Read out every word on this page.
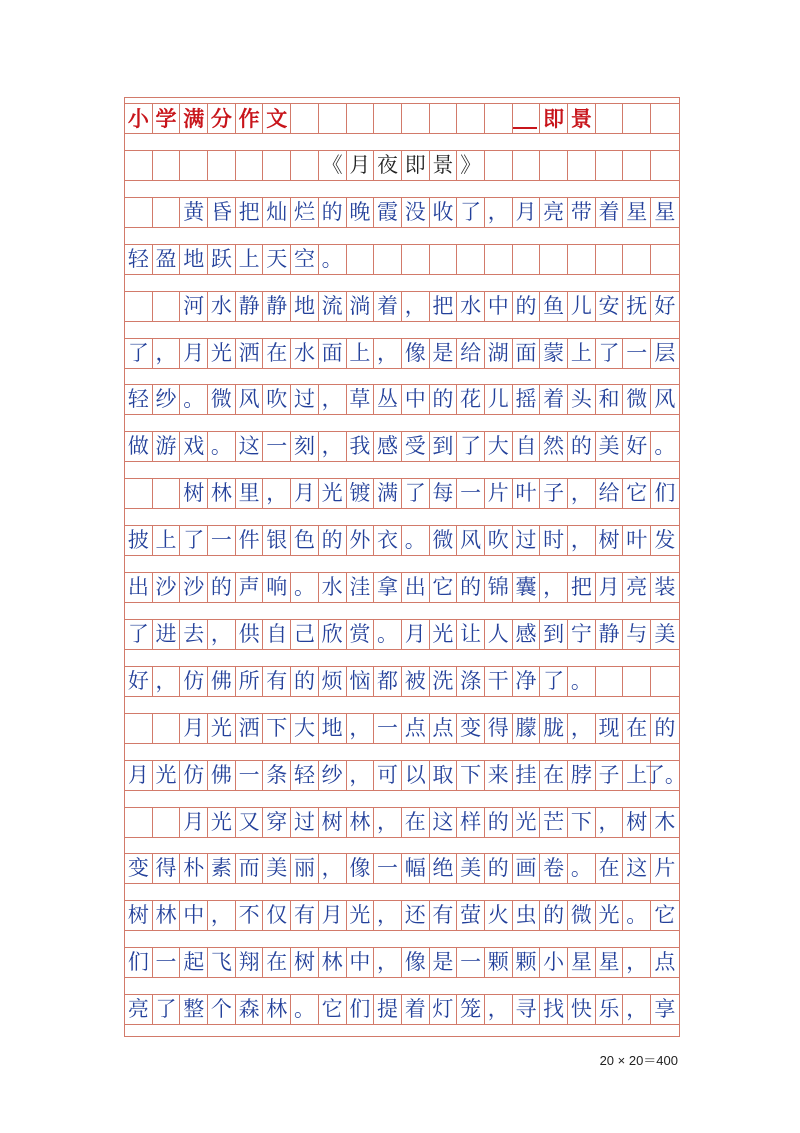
小 学 满 分 作 文	即 景
《 月 夜 即 景 》
黄 昏 把 灿 烂 的 晚 霞 没 收 了 ， 月 亮 带 着 星 星
轻 盈 地 跃 上 天 空 。
河 水 静 静 地 流 淌 着 ， 把 水 中 的 鱼 儿 安 抚 好
了 ， 月 光 洒 在 水 面 上 ， 像 是 给 湖 面 蒙 上 了 一 层
轻 纱 。 微 风 吹 过 ， 草 丛 中 的 花 儿 摇 着 头 和 微 风
做 游 戏 。 这 一 刻 ， 我 感 受 到 了 大 自 然 的 美 好 。
树 林 里 ， 月 光 镀 满 了 每 一 片 叶 子 ， 给 它 们
披 上 了 一 件 银 色 的 外 衣 。 微 风 吹 过 时 ， 树 叶 发
出 沙 沙 的 声 响 。 水 洼 拿 出 它 的 锦 囊 ， 把 月 亮 装
了 进 去 ， 供 自 己 欣 赏 。 月 光 让 人 感 到 宁 静 与 美
好 ， 仿 佛 所 有 的 烦 恼 都 被 洗 涤 干 净 了 。
月 光 洒 下 大 地 ， 一 点 点 变 得 朦 胧 ， 现 在 的
月 光 仿 佛 一 条 轻 纱 ， 可 以 取 下 来 挂 在 脖 子 上
了。
月 光 又 穿 过 树 林 ， 在 这 样 的 光 芒 下 ， 树 木
变 得 朴 素 而 美 丽 ， 像 一 幅 绝 美 的 画 卷 。 在 这 片
树 林 中 ， 不 仅 有 月 光 ， 还 有 萤 火 虫 的 微 光 。 它
们 一 起 飞 翔 在 树 林 中 ， 像 是 一 颗 颗 小 星 星 ， 点
亮 了 整 个 森 林 。 它 们 提 着 灯 笼 ， 寻 找 快 乐 ， 享
20 × 20＝400
